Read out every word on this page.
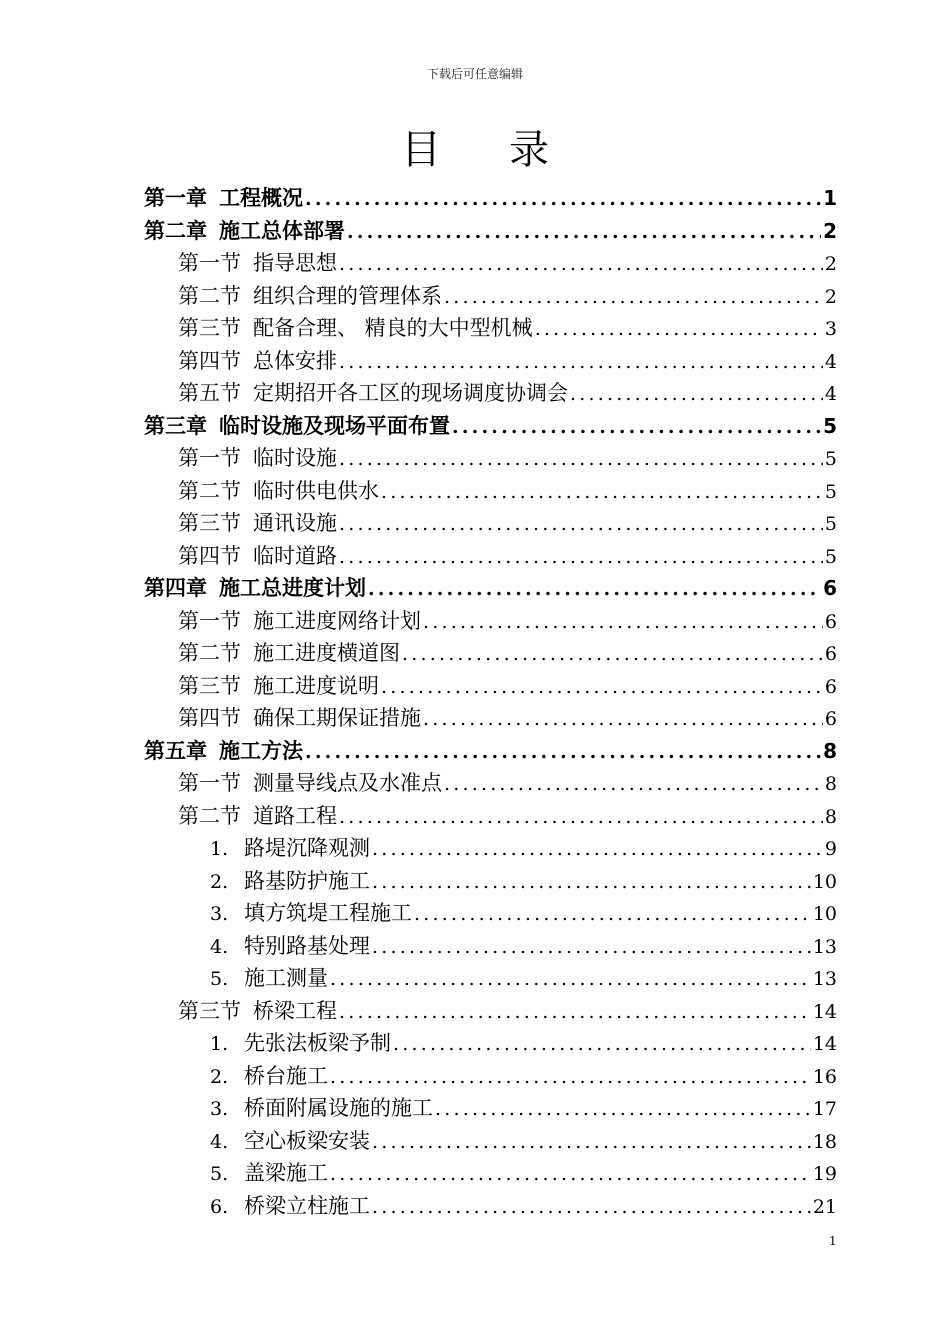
下载后可任意编辑
目录
第一章 工程概况 .....	1
第二章 施工总体部署 .....	2
第一节 指导思想 .....	2
第二节 组织合理的管理体系 .....	2
第三节 配备合理、 精良的大中型机械 .....	3
第四节 总体安排 .....	4
第五节 定期招开各工区的现场调度协调会 .....	4
第三章 临时设施及现场平面布置 .....	5
第一节 临时设施 .....	5
第二节 临时供电供水 .....	5
第三节 通讯设施 .....	5
第四节 临时道路 .....	5
第四章 施工总进度计划 .....	6
第一节 施工进度网络计划 .....	6
第二节 施工进度横道图 .....	6
第三节 施工进度说明 .....	6
第四节 确保工期保证措施 .....	6
第五章 施工方法 .....	8
第一节 测量导线点及水准点 .....	8
第二节 道路工程 .....	8
1. 路堤沉降观测 .....	9
2. 路基防护施工 .....	10
3. 填方筑堤工程施工 .....	10
4. 特别路基处理 .....	13
5. 施工测量 .....	13
第三节 桥梁工程 .....	14
1. 先张法板梁予制 .....	14
2. 桥台施工 .....	16
3. 桥面附属设施的施工 .....	17
4. 空心板梁安装 .....	18
5. 盖梁施工 .....	19
6. 桥梁立柱施工 .....	21
1
